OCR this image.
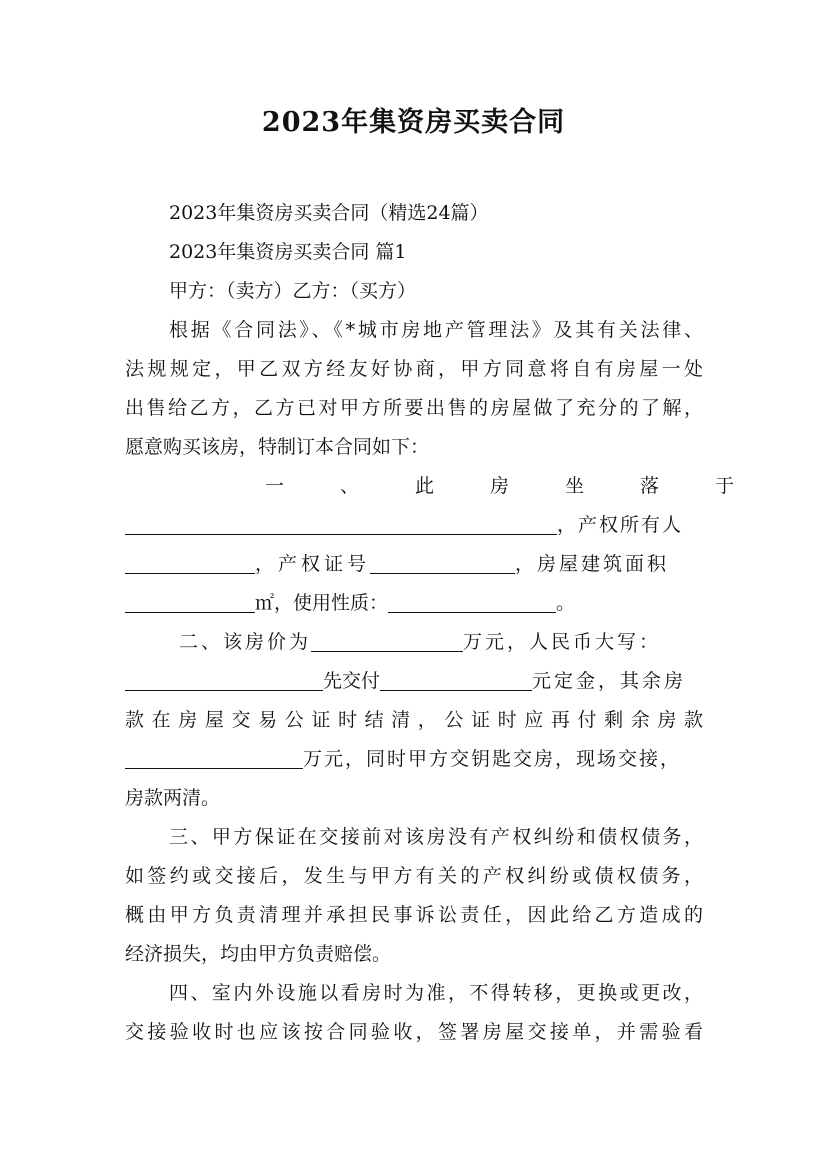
2023年集资房买卖合同
2023年集资房买卖合同（精选24篇）
2023年集资房买卖合同 篇1
甲方：（卖方）乙方：（买方）
根据《合同法》、《*城市房地产管理法》及其有关法律、
法规规定，甲乙双方经友好协商，甲方同意将自有房屋一处
出售给乙方，乙方已对甲方所要出售的房屋做了充分的了解，
愿意购买该房，特制订本合同如下：
一、此房坐落于
，产权所有人
，产权证号	，房屋建筑面积
㎡，使用性质：	。
二、该房价为	万元，人民币大写：
先交付	元定金，其余房
款在房屋交易公证时结清，公证时应再付剩余房款
万元，同时甲方交钥匙交房，现场交接，
房款两清。
三、甲方保证在交接前对该房没有产权纠纷和债权债务，
如签约或交接后，发生与甲方有关的产权纠纷或债权债务，
概由甲方负责清理并承担民事诉讼责任，因此给乙方造成的
经济损失，均由甲方负责赔偿。
四、室内外设施以看房时为准，不得转移，更换或更改，
交接验收时也应该按合同验收，签署房屋交接单，并需验看
